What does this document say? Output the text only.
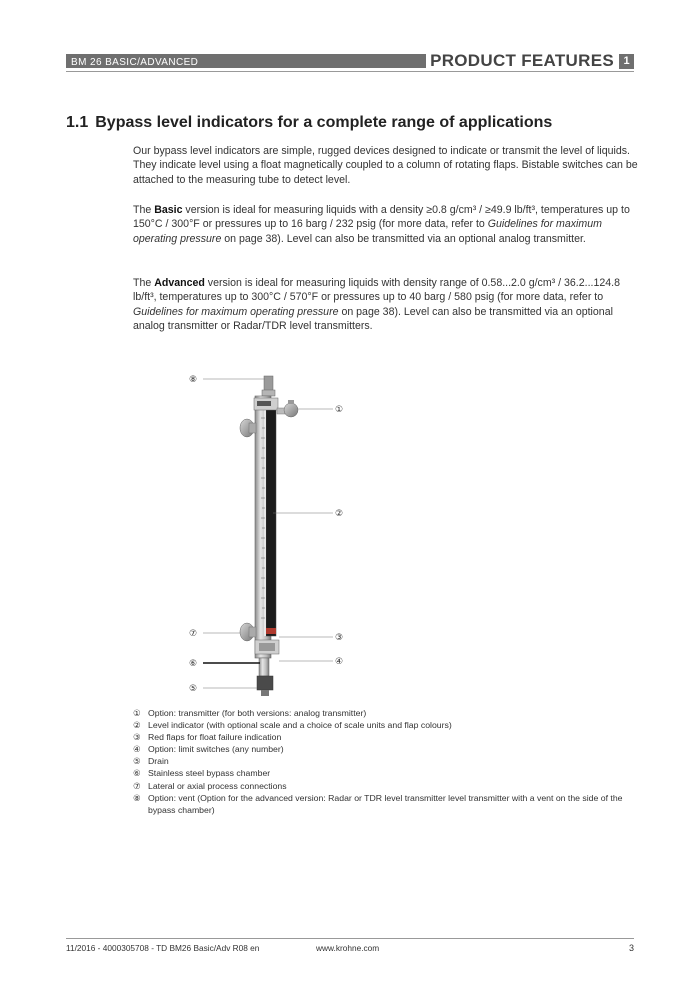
BM 26 BASIC/ADVANCED	PRODUCT FEATURES 1
1.1 Bypass level indicators for a complete range of applications
Our bypass level indicators are simple, rugged devices designed to indicate or transmit the level of liquids. They indicate level using a float magnetically coupled to a column of rotating flaps. Bistable switches can be attached to the measuring tube to detect level.
The Basic version is ideal for measuring liquids with a density ≥0.8 g/cm³ / ≥49.9 lb/ft³, temperatures up to 150°C / 300°F or pressures up to 16 barg / 232 psig (for more data, refer to Guidelines for maximum operating pressure on page 38). Level can also be transmitted via an optional analog transmitter.
The Advanced version is ideal for measuring liquids with density range of 0.58...2.0 g/cm³ / 36.2...124.8 lb/ft³, temperatures up to 300°C / 570°F or pressures up to 40 barg / 580 psig (for more data, refer to Guidelines for maximum operating pressure on page 38). Level can also be transmitted via an optional analog transmitter or Radar/TDR level transmitters.
⑧
①
②
⑦	③
⑥	④
⑤
① Option: transmitter (for both versions: analog transmitter)
② Level indicator (with optional scale and a choice of scale units and flap colours)
③ Red flaps for float failure indication
④ Option: limit switches (any number)
⑤ Drain
⑥ Stainless steel bypass chamber
⑦ Lateral or axial process connections
⑧ Option: vent (Option for the advanced version: Radar or TDR level transmitter level transmitter with a vent on the side of the bypass chamber)
11/2016 - 4000305708 - TD BM26 Basic/Adv R08 en	www.krohne.com	3
